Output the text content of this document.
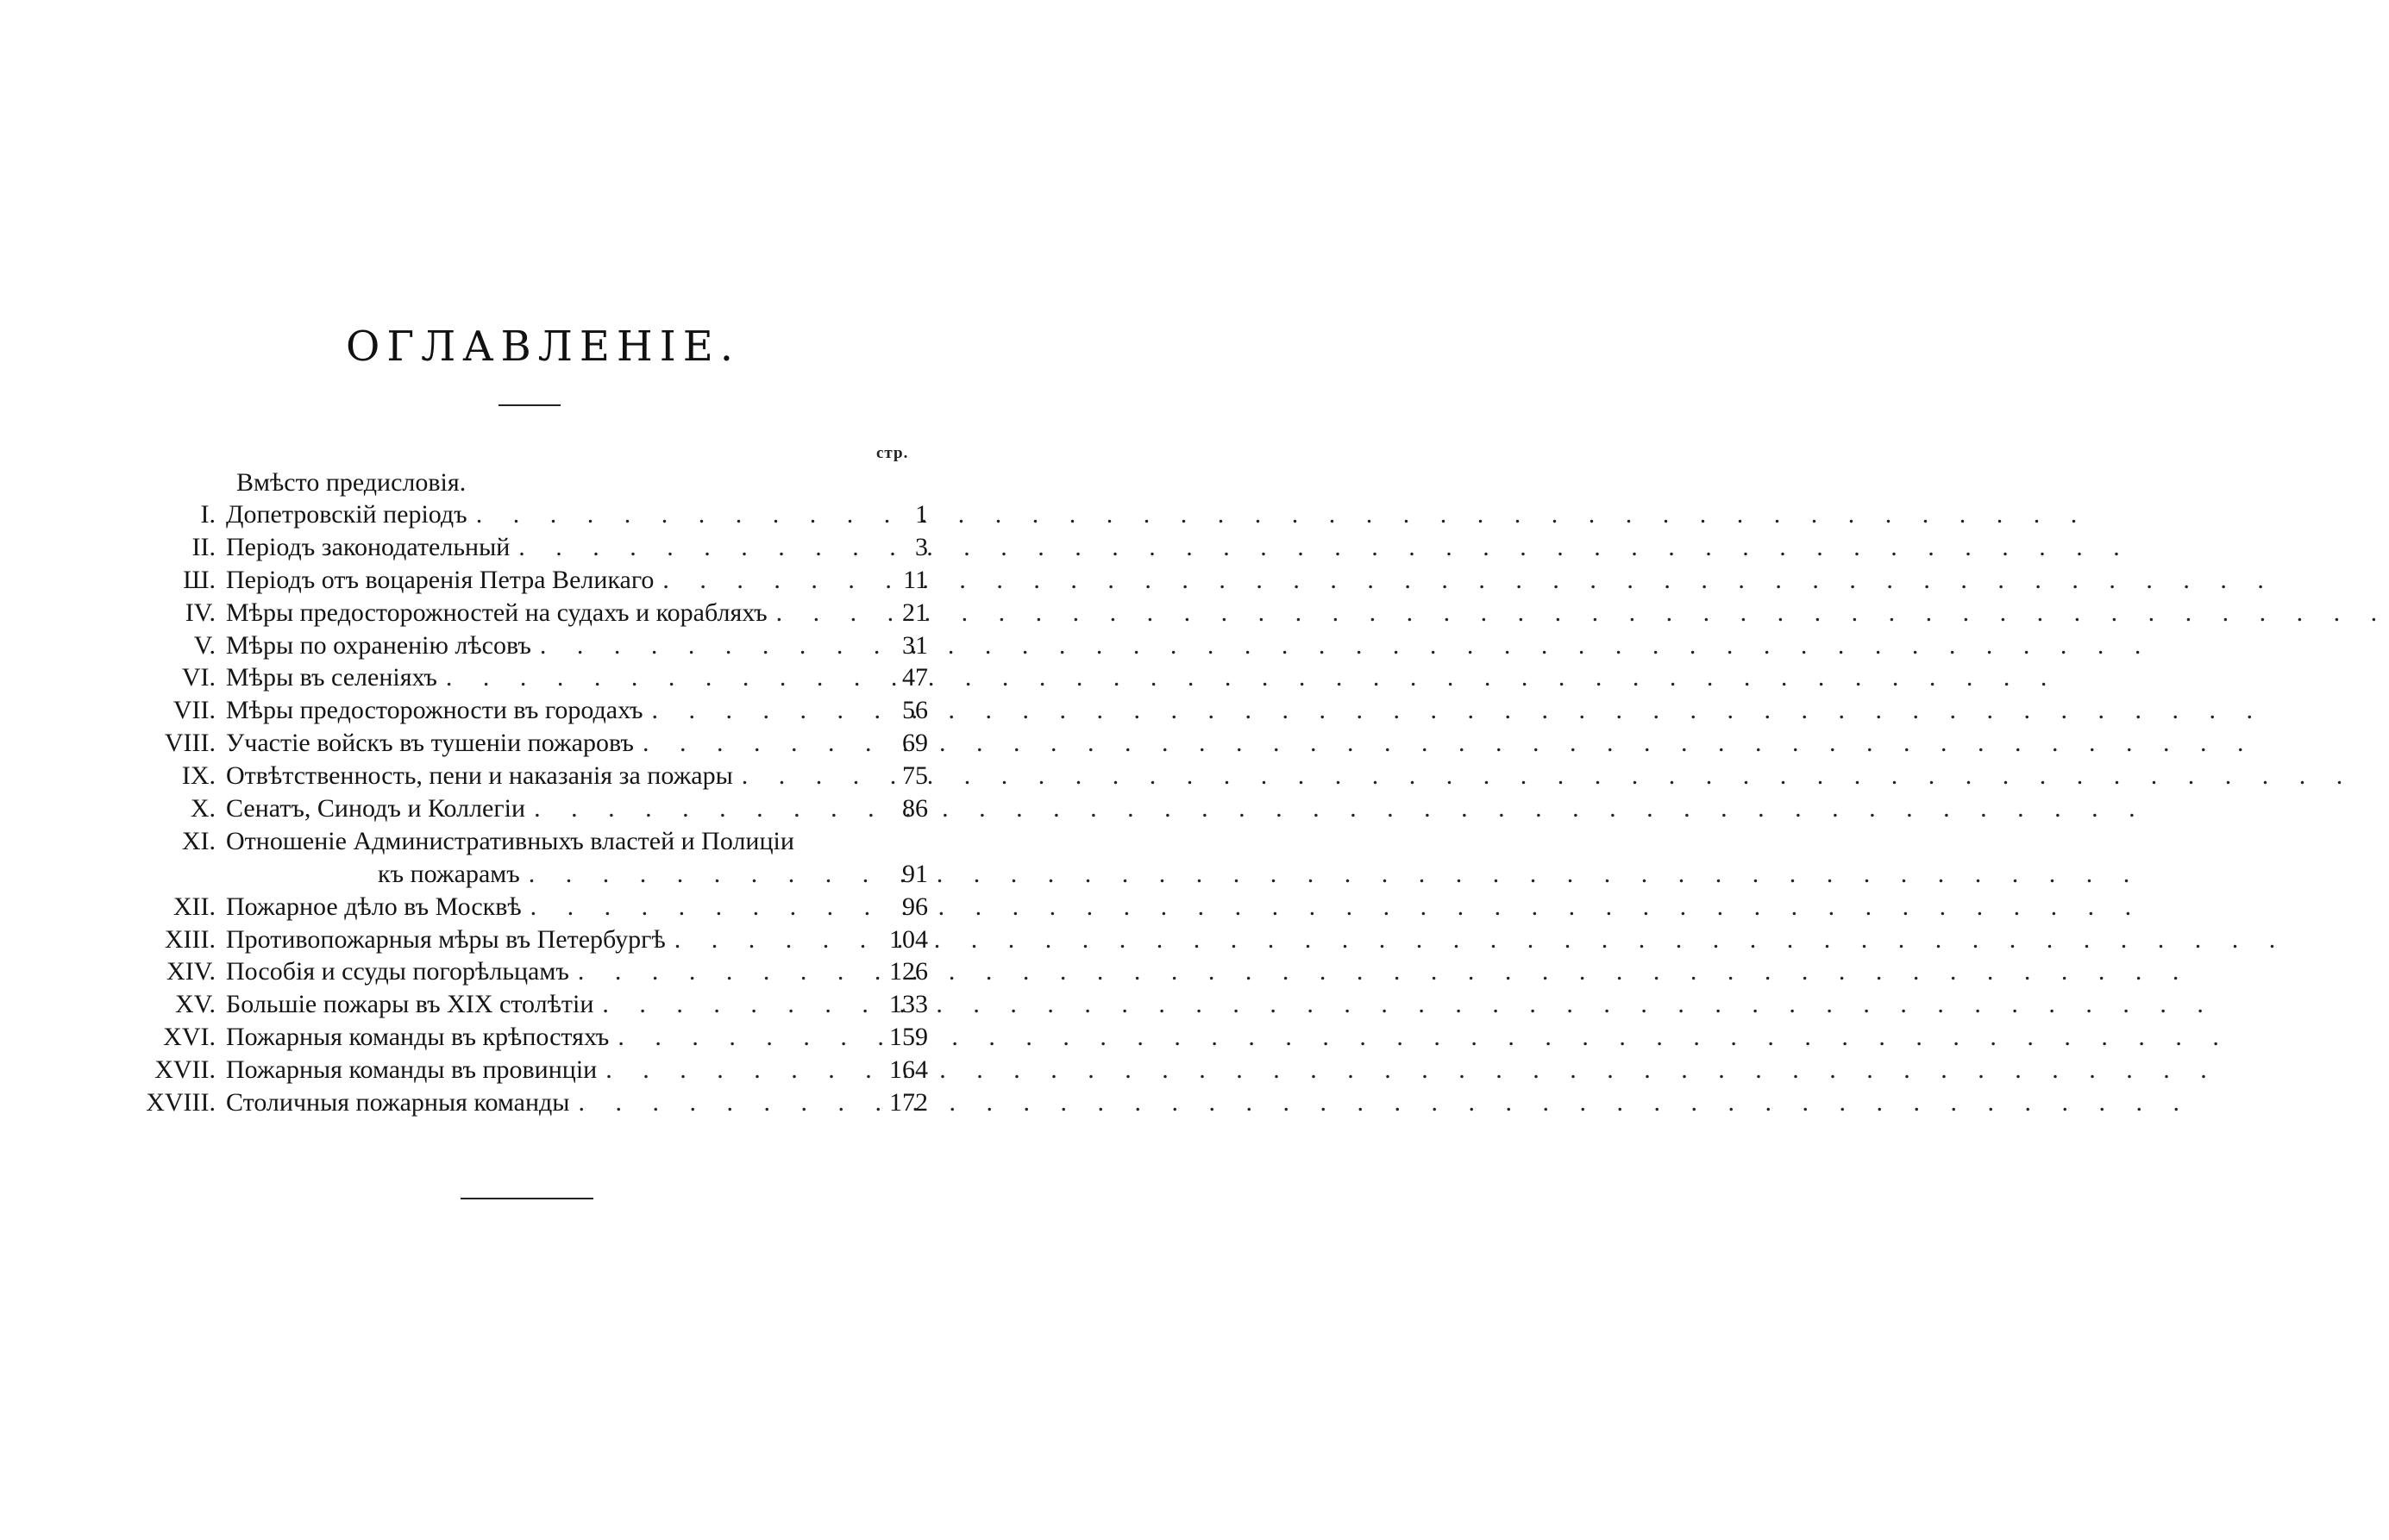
ОГЛАВЛЕНIЕ.
стр.
Вмѣсто предисловiя.
I. Допетровскiй перiодъ . . .	1
II. Перiодъ законодательный . . .	3
Ш. Перiодъ отъ воцаренiя Петра Великаго . . .	11
IV. Мѣры предосторожностей на судахъ и корабляхъ . . .	21
V. Мѣры по охраненiю лѣсовъ . . .	31
VI. Мѣры въ селенiяхъ . . .	47
VII. Мѣры предосторожности въ городахъ . . .	56
VIII. Участiе войскъ въ тушенiи пожаровъ . . .	69
IX. Отвѣтственность, пени и наказанiя за пожары . . .	75
X. Сенатъ, Синодъ и Коллегiи . . .	86
XI. Отношенiе Административныхъ властей и Полицiи
къ пожарамъ . . .	91
XII. Пожарное дѣло въ Москвѣ . . .	96
XIII. Противопожарныя мѣры въ Петербургѣ . . .	104
XIV. Пособiя и ссуды погорѣльцамъ . . .	126
XV. Большiе пожары въ XIX столѣтiи . . .	133
XVI. Пожарныя команды въ крѣпостяхъ . . .	159
XVII. Пожарныя команды въ провинцiи . . .	164
XVIII. Столичныя пожарныя команды . . .	172
